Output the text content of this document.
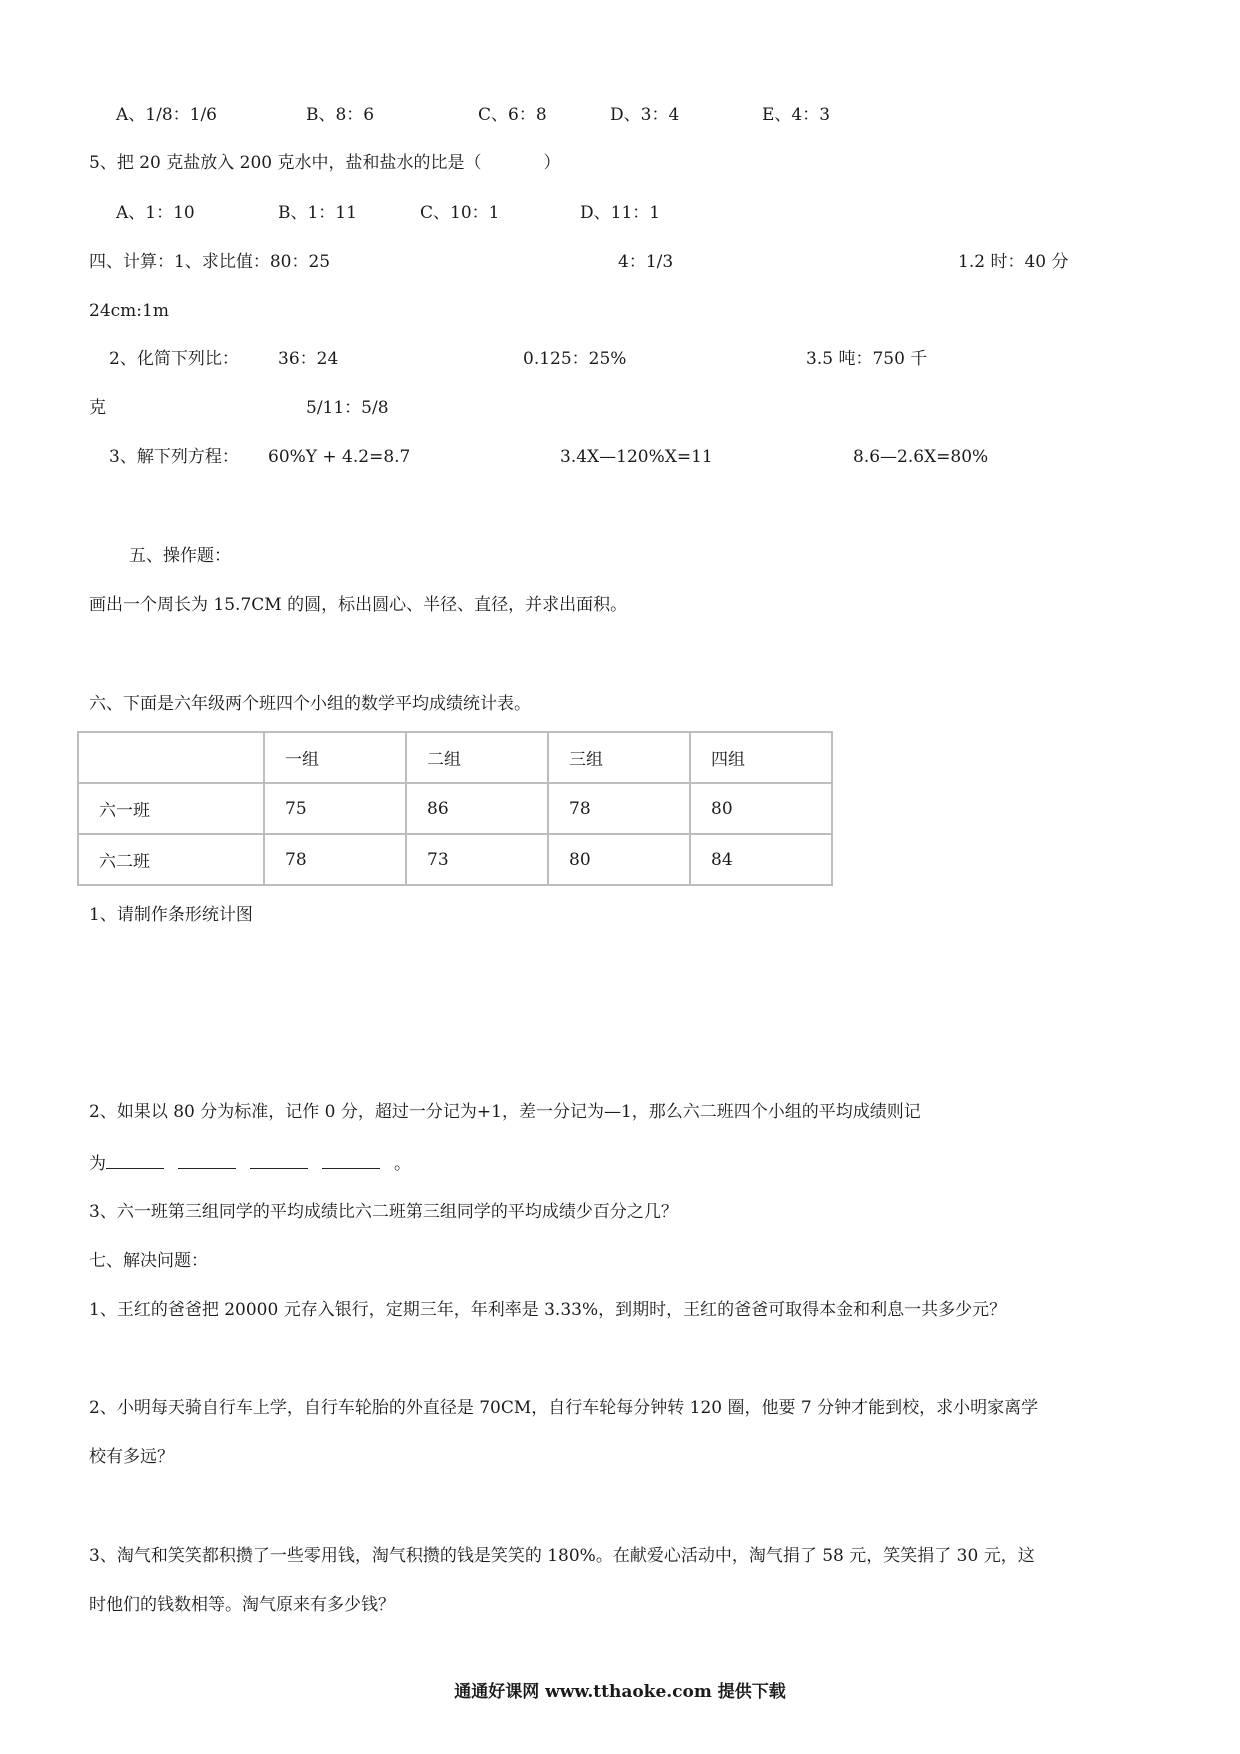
A、1/8：1/6	B、8：6	C、6：8	D、3：4	E、4：3
5、把 20 克盐放入 200 克水中，盐和盐水的比是（	）
A、1：10	B、1：11	C、10：1	D、11：1
四、计算：1、求比值：80：25	4：1/3	1.2 时：40 分
24cm:1m
2、化简下列比： 36：24	0.125：25%	3.5 吨：750 千
克	5/11：5/8
3、解下列方程： 60%Y + 4.2=8.7	3.4X—120%X=11	8.6—2.6X=80%
五、操作题：
画出一个周长为 15.7CM 的圆，标出圆心、半径、直径，并求出面积。
六、下面是六年级两个班四个小组的数学平均成绩统计表。
	一组	二组	三组	四组
六一班	75	86	78	80
六二班	78	73	80	84
1、请制作条形统计图
2、如果以 80 分为标准，记作 0 分，超过一分记为+1，差一分记为—1，那么六二班四个小组的平均成绩则记
为	。
3、六一班第三组同学的平均成绩比六二班第三组同学的平均成绩少百分之几？
七、解决问题：
1、王红的爸爸把 20000 元存入银行，定期三年，年利率是 3.33%，到期时，王红的爸爸可取得本金和利息一共多少元？
2、小明每天骑自行车上学，自行车轮胎的外直径是 70CM，自行车轮每分钟转 120 圈，他要 7 分钟才能到校，求小明家离学
校有多远？
3、淘气和笑笑都积攒了一些零用钱，淘气积攒的钱是笑笑的 180%。在献爱心活动中，淘气捐了 58 元，笑笑捐了 30 元，这
时他们的钱数相等。淘气原来有多少钱？
通通好课网 www.tthaoke.com 提供下载
